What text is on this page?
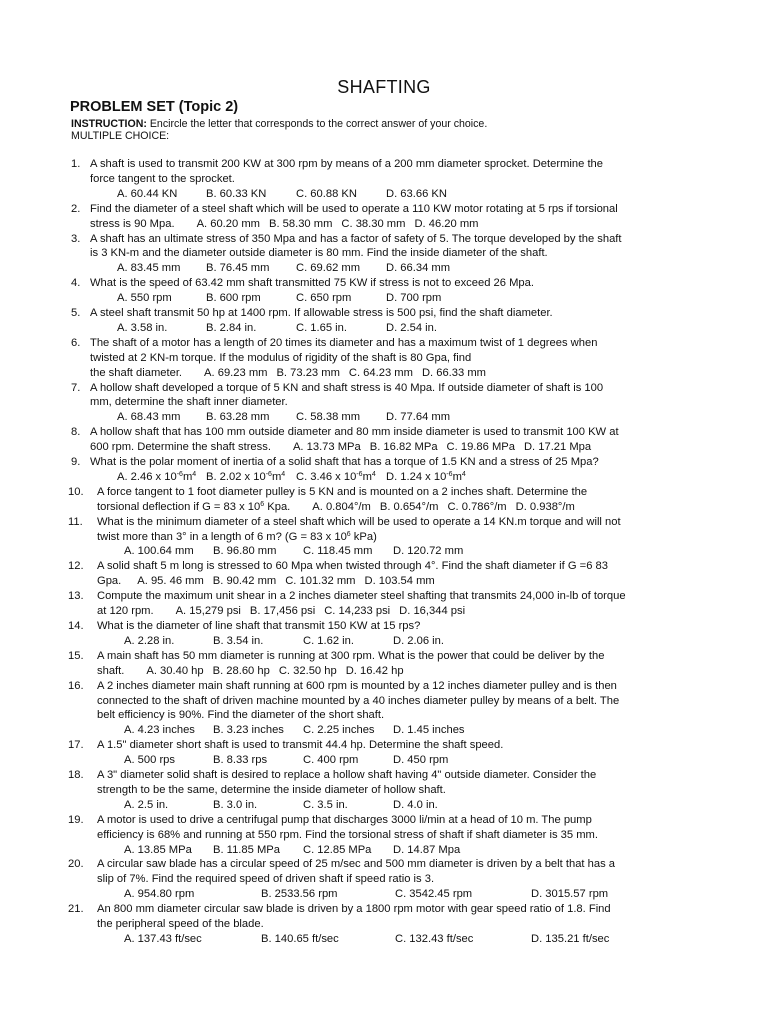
SHAFTING
PROBLEM SET (Topic 2)
INSTRUCTION: Encircle the letter that corresponds to the correct answer of your choice.
MULTIPLE CHOICE:
1. A shaft is used to transmit 200 KW at 300 rpm by means of a 200 mm diameter sprocket. Determine the
force tangent to the sprocket.
A. 60.44 KN	B. 60.33 KN	C. 60.88 KN	D. 63.66 KN
2. Find the diameter of a steel shaft which will be used to operate a 110 KW motor rotating at 5 rps if torsional
stress is 90 Mpa. A. 60.20 mm B. 58.30 mm C. 38.30 mm D. 46.20 mm
3. A shaft has an ultimate stress of 350 Mpa and has a factor of safety of 5. The torque developed by the shaft
is 3 KN-m and the diameter outside diameter is 80 mm. Find the inside diameter of the shaft.
A. 83.45 mm B. 76.45 mm C. 69.62 mm D. 66.34 mm
4. What is the speed of 63.42 mm shaft transmitted 75 KW if stress is not to exceed 26 Mpa.
A. 550 rpm	B. 600 rpm	C. 650 rpm	D. 700 rpm
5. A steel shaft transmit 50 hp at 1400 rpm. If allowable stress is 500 psi, find the shaft diameter.
A. 3.58 in.	B. 2.84 in.	C. 1.65 in.	D. 2.54 in.
6. The shaft of a motor has a length of 20 times its diameter and has a maximum twist of 1 degrees when
twisted at 2 KN-m torque. If the modulus of rigidity of the shaft is 80 Gpa, find
the shaft diameter. A. 69.23 mm B. 73.23 mm C. 64.23 mm D. 66.33 mm
7. A hollow shaft developed a torque of 5 KN and shaft stress is 40 Mpa. If outside diameter of shaft is 100
mm, determine the shaft inner diameter.
A. 68.43 mm B. 63.28 mm C. 58.38 mm D. 77.64 mm
8. A hollow shaft that has 100 mm outside diameter and 80 mm inside diameter is used to transmit 100 KW at
600 rpm. Determine the shaft stress. A. 13.73 MPa B. 16.82 MPa C. 19.86 MPa D. 17.21 Mpa
9. What is the polar moment of inertia of a solid shaft that has a torque of 1.5 KN and a stress of 25 Mpa?
A. 2.46 x $10^{-6}m^4$ B. 2.02 x $10^{-6}m^4$ C. 3.46 x $10^{-6}m^4$ D. 1.24 x $10^{-6}m^4$
10. A force tangent to 1 foot diameter pulley is 5 KN and is mounted on a 2 inches shaft. Determine the
torsional deflection if G = 83 x $10^6$ Kpa. A. 0.804°/m B. 0.654°/m C. 0.786°/m D. 0.938°/m
11. What is the minimum diameter of a steel shaft which will be used to operate a 14 KN.m torque and will not
twist more than 3° in a length of 6 m? (G = 83 x $10^6$ kPa)
A. 100.64 mm B. 96.80 mm C. 118.45 mm D. 120.72 mm
12. A solid shaft 5 m long is stressed to 60 Mpa when twisted through 4°. Find the shaft diameter if G =6 83
Gpa. A. 95. 46 mm B. 90.42 mm C. 101.32 mm D. 103.54 mm
13. Compute the maximum unit shear in a 2 inches diameter steel shafting that transmits 24,000 in-lb of torque
at 120 rpm. A. 15,279 psi B. 17,456 psi C. 14,233 psi D. 16,344 psi
14. What is the diameter of line shaft that transmit 150 KW at 15 rps?
A. 2.28 in.	B. 3.54 in.	C. 1.62 in.	D. 2.06 in.
15. A main shaft has 50 mm diameter is running at 300 rpm. What is the power that could be deliver by the
shaft. A. 30.40 hp B. 28.60 hp C. 32.50 hp D. 16.42 hp
16. A 2 inches diameter main shaft running at 600 rpm is mounted by a 12 inches diameter pulley and is then
connected to the shaft of driven machine mounted by a 40 inches diameter pulley by means of a belt. The
belt efficiency is 90%. Find the diameter of the short shaft.
A. 4.23 inches B. 3.23 inches C. 2.25 inches D. 1.45 inches
17. A 1.5" diameter short shaft is used to transmit 44.4 hp. Determine the shaft speed.
A. 500 rps	B. 8.33 rps	C. 400 rpm	D. 450 rpm
18. A 3" diameter solid shaft is desired to replace a hollow shaft having 4" outside diameter. Consider the
strength to be the same, determine the inside diameter of hollow shaft.
A. 2.5 in.	B. 3.0 in.	C. 3.5 in.	D. 4.0 in.
19. A motor is used to drive a centrifugal pump that discharges 3000 li/min at a head of 10 m. The pump
efficiency is 68% and running at 550 rpm. Find the torsional stress of shaft if shaft diameter is 35 mm.
A. 13.85 MPa B. 11.85 MPa C. 12.85 MPa D. 14.87 Mpa
20. A circular saw blade has a circular speed of 25 m/sec and 500 mm diameter is driven by a belt that has a
slip of 7%. Find the required speed of driven shaft if speed ratio is 3.
A. 954.80 rpm	B. 2533.56 rpm	C. 3542.45 rpm	D. 3015.57 rpm
21. An 800 mm diameter circular saw blade is driven by a 1800 rpm motor with gear speed ratio of 1.8. Find
the peripheral speed of the blade.
A. 137.43 ft/sec	B. 140.65 ft/sec	C. 132.43 ft/sec	D. 135.21 ft/sec
